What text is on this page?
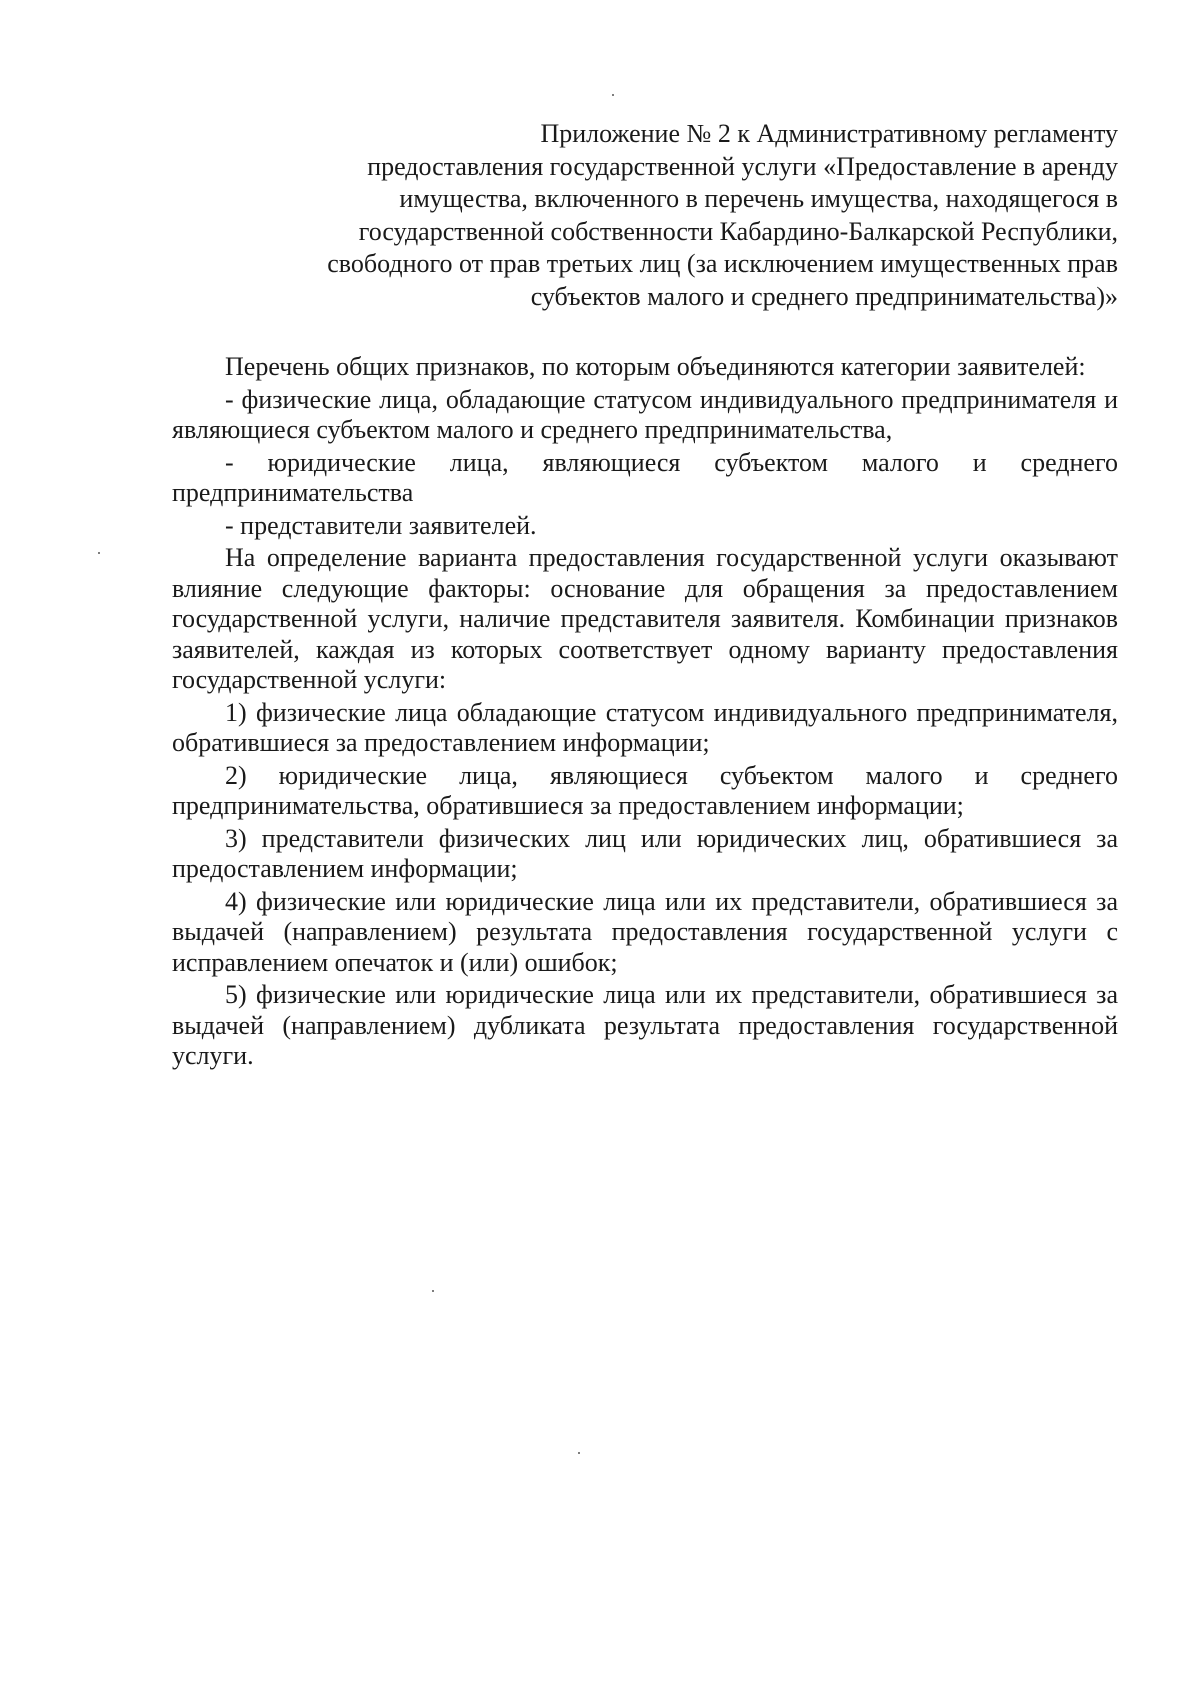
Приложение № 2 к Административному регламенту
предоставления государственной услуги «Предоставление в аренду
имущества, включенного в перечень имущества, находящегося в
государственной собственности Кабардино-Балкарской Республики,
свободного от прав третьих лиц (за исключением имущественных прав
субъектов малого и среднего предпринимательства)»

Перечень общих признаков, по которым объединяются категории заявителей:

- физические лица, обладающие статусом индивидуального предпринимателя и являющиеся субъектом малого и среднего предпринимательства,

- юридические лица, являющиеся субъектом малого и среднего предпринимательства

- представители заявителей.

На определение варианта предоставления государственной услуги оказывают влияние следующие факторы: основание для обращения за предоставлением государственной услуги, наличие представителя заявителя. Комбинации признаков заявителей, каждая из которых соответствует одному варианту предоставления государственной услуги:

1) физические лица обладающие статусом индивидуального предпринимателя, обратившиеся за предоставлением информации;

2) юридические лица, являющиеся субъектом малого и среднего предпринимательства, обратившиеся за предоставлением информации;

3) представители физических лиц или юридических лиц, обратившиеся за предоставлением информации;

4) физические или юридические лица или их представители, обратившиеся за выдачей (направлением) результата предоставления государственной услуги с исправлением опечаток и (или) ошибок;

5) физические или юридические лица или их представители, обратившиеся за выдачей (направлением) дубликата результата предоставления государственной услуги.
